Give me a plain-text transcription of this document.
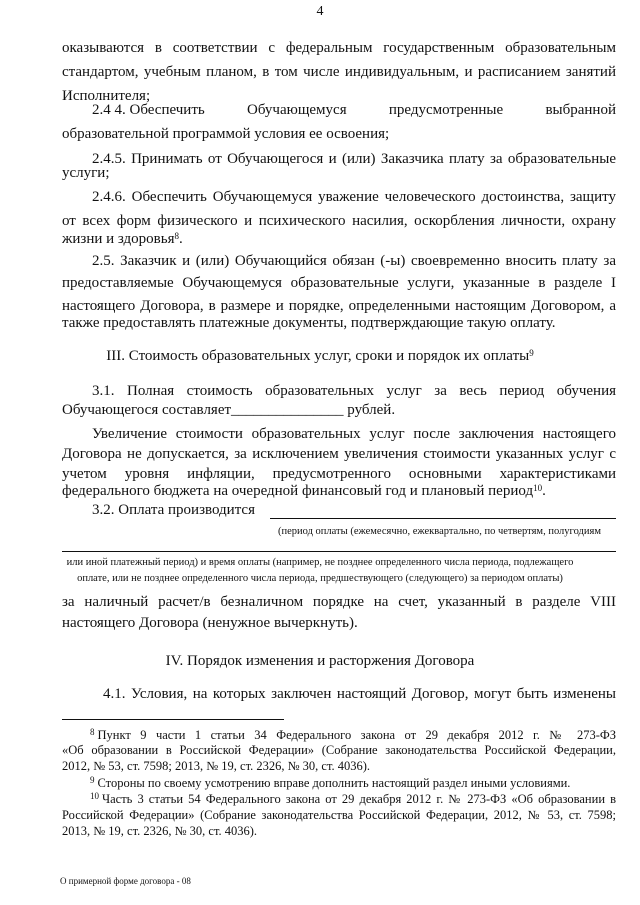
4
оказываются в соответствии с федеральным государственным образовательным
стандартом, учебным планом, в том числе индивидуальным, и расписанием занятий
Исполнителя;
2.4 4. Обеспечить	Обучающемуся	предусмотренные	выбранной
образовательной программой условия ее освоения;
2.4.5. Принимать от Обучающегося и (или) Заказчика плату за образовательные
услуги;
2.4.6. Обеспечить Обучающемуся уважение человеческого достоинства, защиту
от всех форм физического и психического насилия, оскорбления личности, охрану
жизни и здоровья$^8$.
2.5. Заказчик и (или) Обучающийся обязан (-ы) своевременно вносить плату за
предоставляемые Обучающемуся образовательные услуги, указанные в разделе I
настоящего Договора, в размере и порядке, определенными настоящим Договором, а
также предоставлять платежные документы, подтверждающие такую оплату.
III. Стоимость образовательных услуг, сроки и порядок их оплаты$^9$
3.1. Полная стоимость образовательных услуг за весь период обучения
Обучающегося составляет_______________ рублей.
Увеличение стоимости образовательных услуг после заключения настоящего
Договора не допускается, за исключением увеличения стоимости указанных услуг с
учетом уровня инфляции, предусмотренного основными характеристиками
федерального бюджета на очередной финансовый год и плановый период$^{10}$.
3.2. Оплата производится
(период оплаты (ежемесячно, ежеквартально, по четвертям, полугодиям
или иной платежный период) и время оплаты (например, не позднее определенного числа периода, подлежащего
оплате, или не позднее определенного числа периода, предшествующего (следующего) за периодом оплаты)
за наличный расчет/в безналичном порядке на счет, указанный в разделе VIII
настоящего Договора (ненужное вычеркнуть).
IV. Порядок изменения и расторжения Договора
4.1. Условия, на которых заключен настоящий Договор, могут быть изменены
8 Пункт 9 части 1 статьи 34 Федерального закона от 29 декабря 2012 г. № 273-ФЗ
«Об образовании в Российской Федерации» (Собрание законодательства Российской Федерации,
2012, № 53, ст. 7598; 2013, № 19, ст. 2326, № 30, ст. 4036).
$^9$ Стороны по своему усмотрению вправе дополнить настоящий раздел иными условиями.
10 Часть 3 статьи 54 Федерального закона от 29 декабря 2012 г. № 273-ФЗ «Об образовании в
Российской Федерации» (Собрание законодательства Российской Федерации, 2012, № 53, ст. 7598;
2013, № 19, ст. 2326, № 30, ст. 4036).
О примерной форме договора - 08
